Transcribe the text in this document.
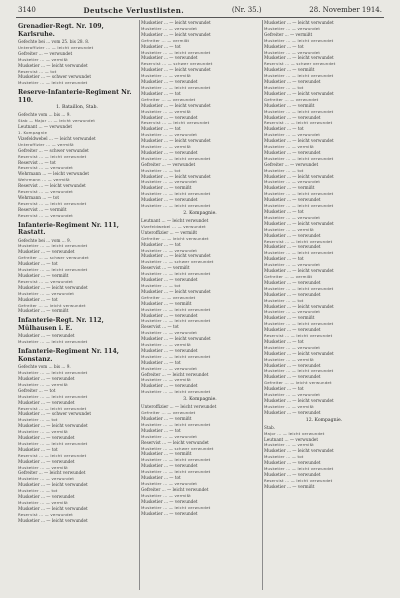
3140	Deutsche Verlustlisten.	(Nr. 35.)	28. November 1914.
Grenadier-Regt. Nr. 109, Karlsruhe.
Gefechte bei ... vom 25. bis 28. 8.
Unteroffizier ... — leicht verwundet
Gefreiter ... — verwundet
Musketier ... — vermißt
Musketier ... — leicht verwundet
Reservist ... — tot
Musketier ... — schwer verwundet
Musketier ... — leicht verwundet
Reserve-Infanterie-Regiment Nr. 110.
1. Bataillon, Stab.
Gefechte vom ... bis ... 9.
Stab — Major ... — leicht verwundet
Leutnant ... — verwundet
1. Kompagnie
Vizefeldwebel ... — leicht verwundet
Unteroffizier ... — vermißt
Gefreiter ... — schwer verwundet
Reservist ... — leicht verwundet
Reservist ... — tot
Reservist ... — verwundet
Wehrmann ... — leicht verwundet
Wehrmann ... — vermißt
Reservist ... — leicht verwundet
Reservist ... — verwundet
Wehrmann ... — tot
Reservist ... — leicht verwundet
Reservist ... — vermißt
Reservist ... — verwundet
Infanterie-Regiment Nr. 111, Rastatt.
Gefechte bei ... vom ... 9.
Musketier ... — leicht verwundet
Musketier ... — verwundet
Gefreiter ... — schwer verwundet
Musketier ... — tot
Musketier ... — leicht verwundet
Musketier ... — vermißt
Reservist ... — verwundet
Musketier ... — leicht verwundet
Musketier ... — verwundet
Musketier ... — tot
Gefreiter ... — leicht verwundet
Musketier ... — vermißt
Infanterie-Regt. Nr. 112, Mülhausen i. E.
Musketier ... — verwundet
Musketier ... — leicht verwundet
Infanterie-Regiment Nr. 114, Konstanz.
Gefechte vom ... bis ... 9.
Musketier ... — leicht verwundet
Musketier ... — verwundet
Musketier ... — vermißt
Gefreiter ... — tot
Musketier ... — leicht verwundet
Musketier ... — verwundet
Reservist ... — leicht verwundet
Musketier ... — schwer verwundet
Musketier ... — tot
Musketier ... — leicht verwundet
Musketier ... — vermißt
Musketier ... — verwundet
Musketier ... — leicht verwundet
Musketier ... — tot
Reservist ... — leicht verwundet
Musketier ... — verwundet
Musketier ... — vermißt
Gefreiter ... — leicht verwundet
Musketier ... — verwundet
Musketier ... — leicht verwundet
Musketier ... — tot
Musketier ... — verwundet
Musketier ... — vermißt
Musketier ... — leicht verwundet
Reservist ... — verwundet
Musketier ... — leicht verwundet
Musketier ... — leicht verwundet
Musketier ... — verwundet
Musketier ... — leicht verwundet
Gefreiter ... — vermißt
Musketier ... — tot
Musketier ... — leicht verwundet
Musketier ... — verwundet
Reservist ... — schwer verwundet
Musketier ... — leicht verwundet
Musketier ... — vermißt
Musketier ... — verwundet
Musketier ... — leicht verwundet
Musketier ... — tot
Gefreiter ... — verwundet
Musketier ... — leicht verwundet
Musketier ... — vermißt
Musketier ... — verwundet
Reservist ... — leicht verwundet
Musketier ... — tot
Musketier ... — verwundet
Musketier ... — leicht verwundet
Musketier ... — vermißt
Musketier ... — verwundet
Musketier ... — leicht verwundet
Gefreiter ... — verwundet
Musketier ... — tot
Musketier ... — leicht verwundet
Musketier ... — verwundet
Musketier ... — vermißt
Musketier ... — leicht verwundet
Musketier ... — verwundet
Musketier ... — leicht verwundet
2. Kompagnie.
Leutnant ... — leicht verwundet
Vizefeldwebel ... — verwundet
Unteroffizier ... — vermißt
Gefreiter ... — leicht verwundet
Musketier ... — tot
Musketier ... — verwundet
Musketier ... — leicht verwundet
Musketier ... — schwer verwundet
Reservist ... — vermißt
Musketier ... — leicht verwundet
Musketier ... — verwundet
Musketier ... — tot
Musketier ... — leicht verwundet
Gefreiter ... — verwundet
Musketier ... — vermißt
Musketier ... — leicht verwundet
Musketier ... — verwundet
Musketier ... — leicht verwundet
Reservist ... — tot
Musketier ... — verwundet
Musketier ... — leicht verwundet
Musketier ... — vermißt
Musketier ... — verwundet
Musketier ... — leicht verwundet
Musketier ... — tot
Musketier ... — verwundet
Gefreiter ... — leicht verwundet
Musketier ... — vermißt
Musketier ... — verwundet
Musketier ... — leicht verwundet
3. Kompagnie.
Unteroffizier ... — leicht verwundet
Gefreiter ... — verwundet
Musketier ... — vermißt
Musketier ... — leicht verwundet
Musketier ... — tot
Musketier ... — verwundet
Reservist ... — leicht verwundet
Musketier ... — schwer verwundet
Musketier ... — vermißt
Musketier ... — leicht verwundet
Musketier ... — verwundet
Musketier ... — leicht verwundet
Musketier ... — tot
Musketier ... — verwundet
Gefreiter ... — leicht verwundet
Musketier ... — vermißt
Musketier ... — verwundet
Musketier ... — leicht verwundet
Musketier ... — verwundet
Musketier ... — leicht verwundet
Musketier ... — verwundet
Gefreiter ... — vermißt
Musketier ... — leicht verwundet
Musketier ... — tot
Musketier ... — verwundet
Musketier ... — leicht verwundet
Reservist ... — schwer verwundet
Musketier ... — vermißt
Musketier ... — leicht verwundet
Musketier ... — verwundet
Musketier ... — tot
Musketier ... — leicht verwundet
Gefreiter ... — verwundet
Musketier ... — vermißt
Musketier ... — leicht verwundet
Musketier ... — verwundet
Reservist ... — leicht verwundet
Musketier ... — tot
Musketier ... — verwundet
Musketier ... — leicht verwundet
Musketier ... — vermißt
Musketier ... — verwundet
Musketier ... — leicht verwundet
Gefreiter ... — verwundet
Musketier ... — tot
Musketier ... — leicht verwundet
Musketier ... — verwundet
Musketier ... — vermißt
Musketier ... — leicht verwundet
Musketier ... — verwundet
Musketier ... — leicht verwundet
Musketier ... — tot
Musketier ... — verwundet
Musketier ... — leicht verwundet
Musketier ... — vermißt
Musketier ... — verwundet
Reservist ... — leicht verwundet
Musketier ... — verwundet
Musketier ... — leicht verwundet
Musketier ... — tot
Musketier ... — verwundet
Musketier ... — leicht verwundet
Gefreiter ... — vermißt
Musketier ... — verwundet
Musketier ... — leicht verwundet
Musketier ... — verwundet
Musketier ... — tot
Musketier ... — leicht verwundet
Musketier ... — verwundet
Musketier ... — vermißt
Musketier ... — leicht verwundet
Musketier ... — verwundet
Reservist ... — leicht verwundet
Musketier ... — tot
Musketier ... — verwundet
Musketier ... — leicht verwundet
Musketier ... — vermißt
Musketier ... — verwundet
Musketier ... — leicht verwundet
Musketier ... — verwundet
Gefreiter ... — leicht verwundet
Musketier ... — tot
Musketier ... — verwundet
Musketier ... — leicht verwundet
Musketier ... — vermißt
Musketier ... — verwundet
12. Kompagnie.
Stab.
Major ... — leicht verwundet
Leutnant ... — verwundet
Musketier ... — vermißt
Musketier ... — leicht verwundet
Musketier ... — tot
Musketier ... — verwundet
Musketier ... — leicht verwundet
Musketier ... — verwundet
Reservist ... — leicht verwundet
Musketier ... — vermißt
